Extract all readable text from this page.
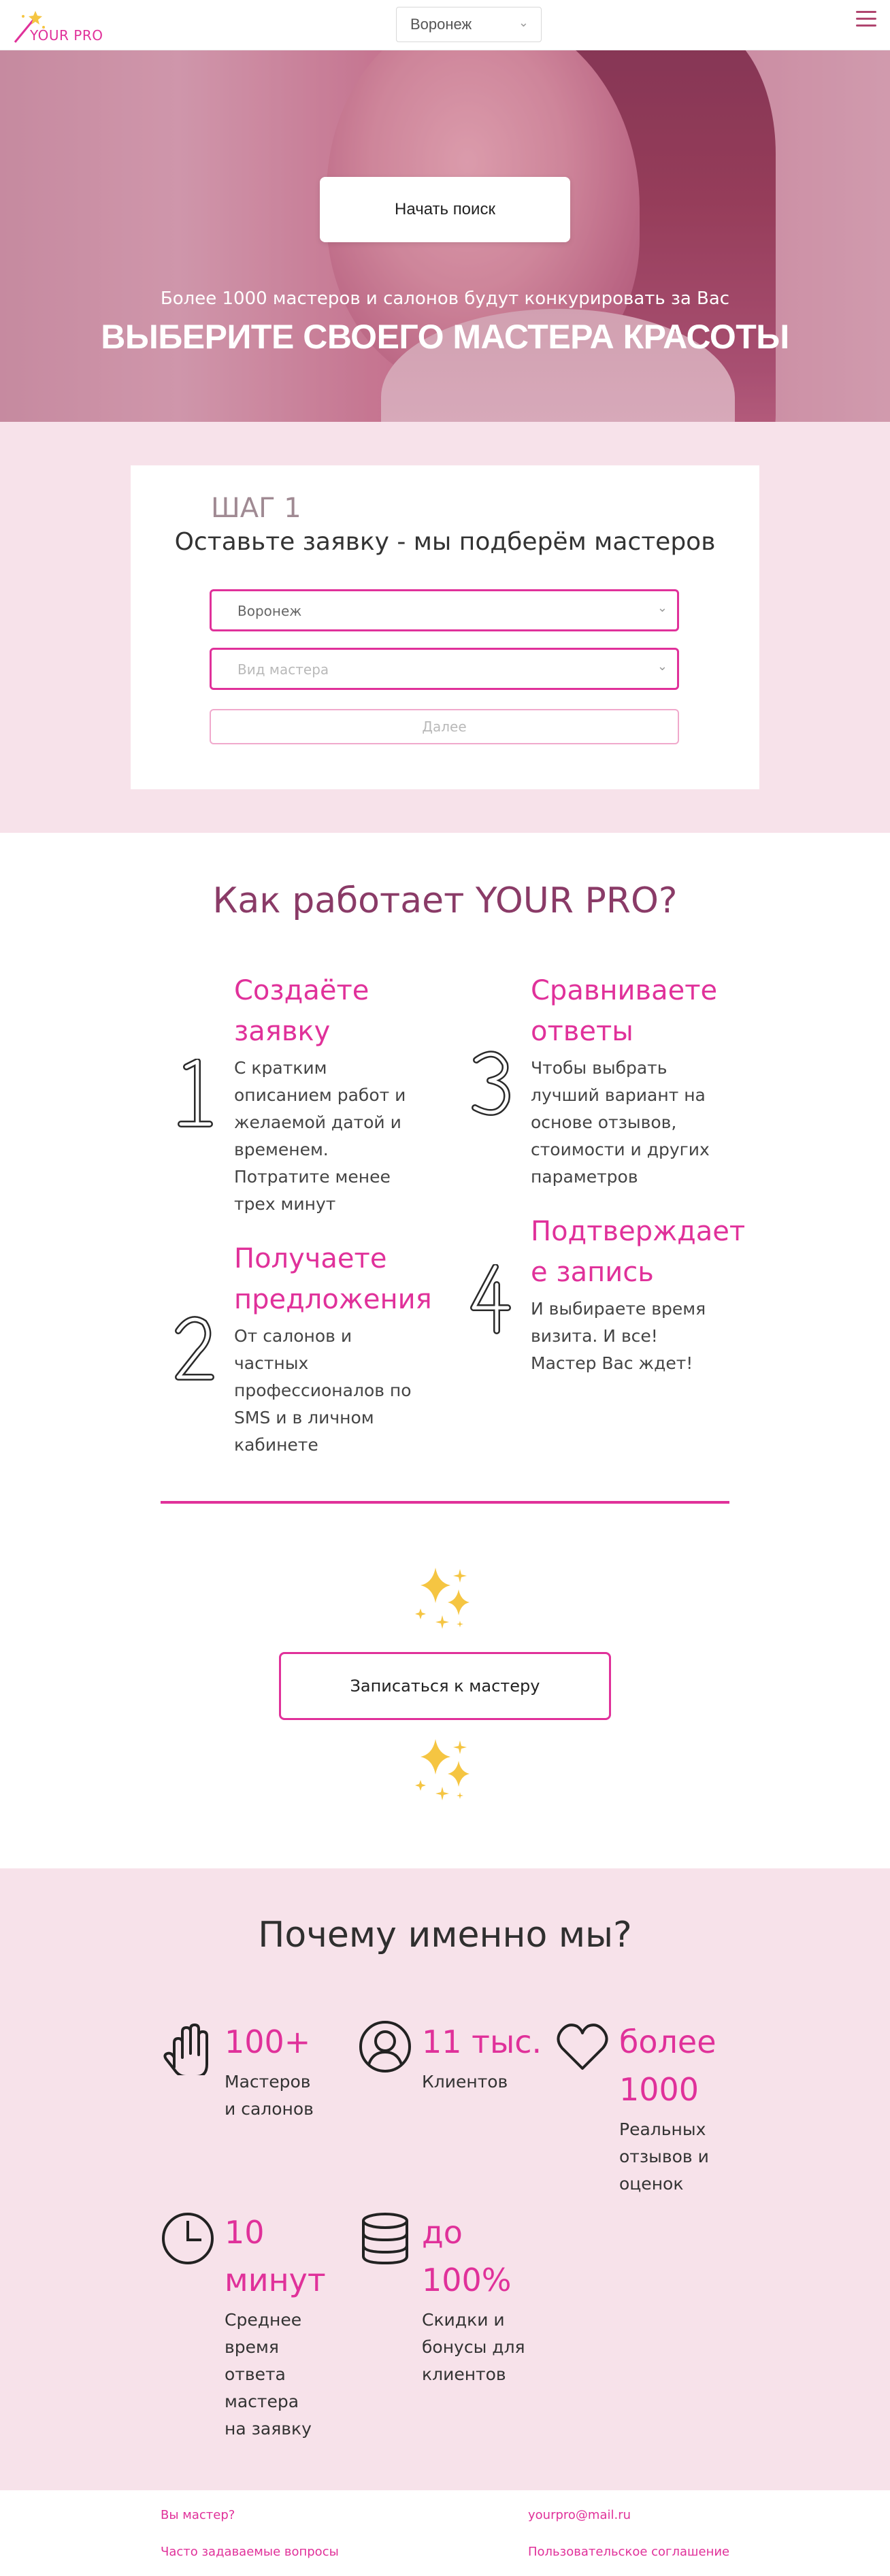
YOUR PRO
Воронеж	⌄
Начать поиск
Более 1000 мастеров и салонов будут конкурировать за Вас
ВЫБЕРИТЕ СВОЕГО МАСТЕРА КРАСОТЫ
ШАГ 1
Оставьте заявку - мы подберём мастеров
Воронеж	⌄
Вид мастера	⌄
Далее
Как работает YOUR PRO?
Создаёте
заявку
С кратким
описанием работ и
желаемой датой и
временем.
Потратите менее
трех минут
Получаете
предложения
От салонов и
частных
профессионалов по
SMS и в личном
кабинете
Сравниваете
ответы
Чтобы выбрать
лучший вариант на
основе отзывов,
стоимости и других
параметров
Подтверждает
е запись
И выбираете время
визита. И все!
Мастер Вас ждет!
Записаться к мастеру
Почему именно мы?
100+
Мастеров
и салонов
11 тыс.
Клиентов
более
1000
Реальных
отзывов и
оценок
10
минут
Среднее
время
ответа
мастера
на заявку
до
100%
Скидки и
бонусы для
клиентов
Вы мастер?
Часто задаваемые вопросы
yourpro@mail.ru
Пользовательское соглашение
